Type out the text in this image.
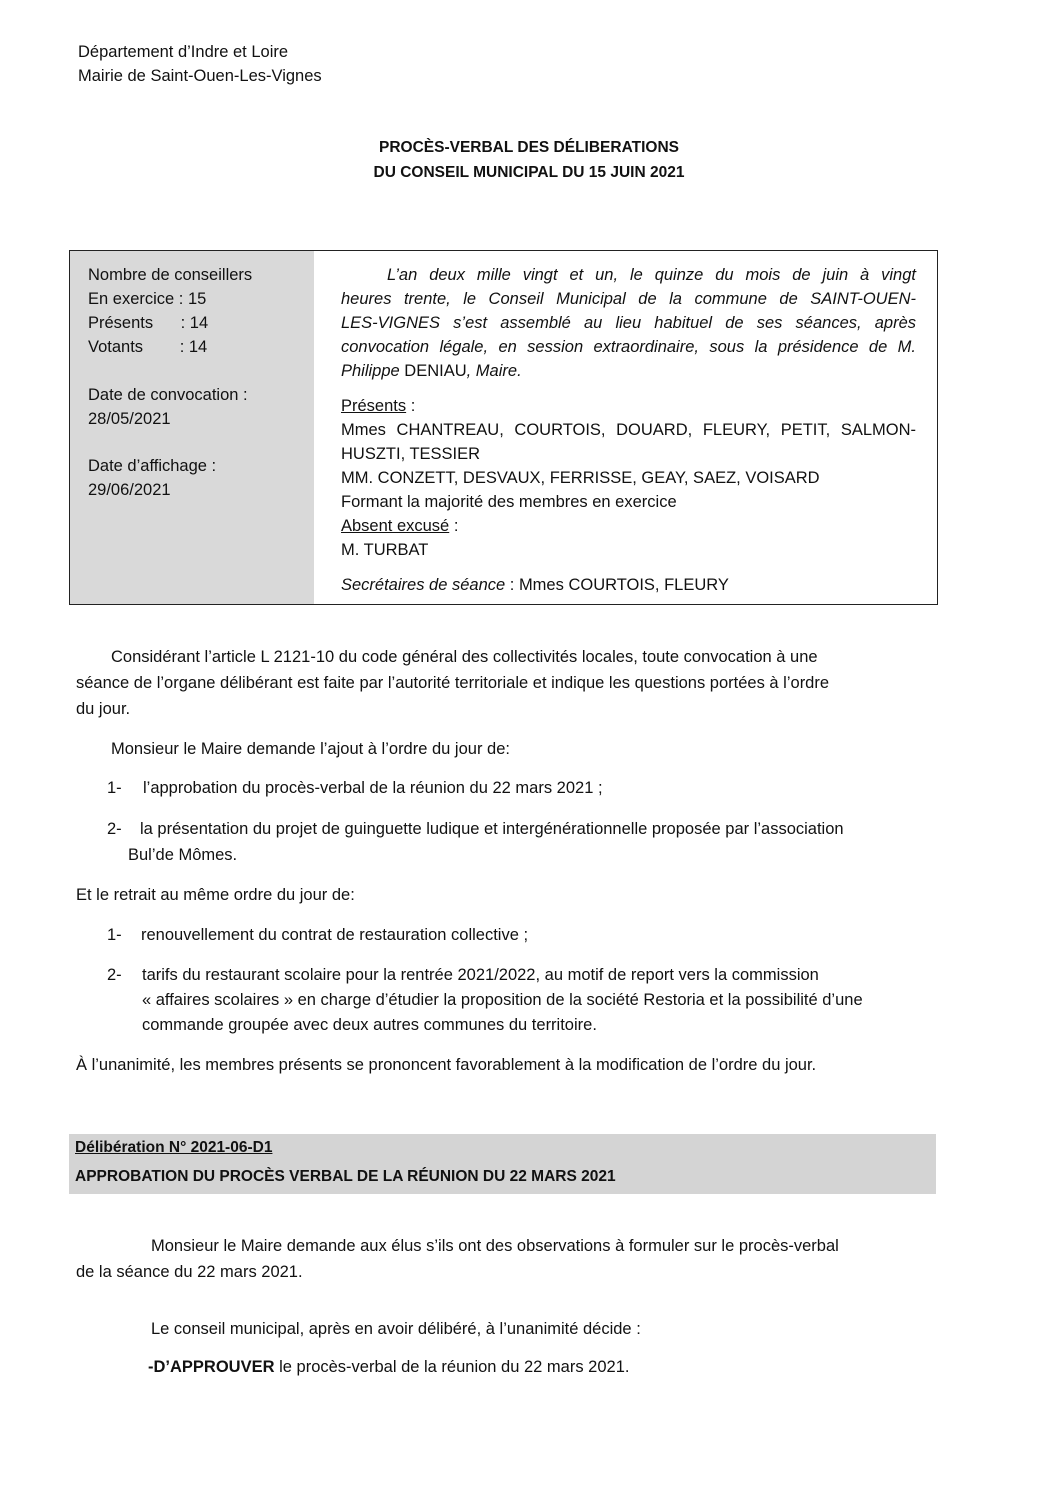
Département d’Indre et Loire
Mairie de Saint-Ouen-Les-Vignes
PROCÈS-VERBAL DES DÉLIBERATIONS
DU CONSEIL MUNICIPAL DU 15 JUIN 2021
Nombre de conseillers
En exercice : 15
Présents      : 14
Votants        : 14
Date de convocation :
28/05/2021
Date d’affichage :
29/06/2021
L’an deux mille vingt et un, le quinze du mois de juin à vingt
heures trente, le Conseil Municipal de la commune de SAINT-OUEN-
LES-VIGNES s’est assemblé au lieu habituel de ses séances, après
convocation légale, en session extraordinaire, sous la présidence de M.
Philippe DENIAU, Maire.
Présents :
Mmes CHANTREAU, COURTOIS, DOUARD, FLEURY, PETIT, SALMON-
HUSZTI, TESSIER
MM. CONZETT, DESVAUX, FERRISSE, GEAY, SAEZ, VOISARD
Formant la majorité des membres en exercice
Absent excusé :
M. TURBAT
Secrétaires de séance : Mmes COURTOIS, FLEURY
Considérant l’article L 2121-10 du code général des collectivités locales, toute convocation à une
séance de l’organe délibérant est faite par l’autorité territoriale et indique les questions portées à l’ordre
du jour.
Monsieur le Maire demande l’ajout à l’ordre du jour de:
1- l’approbation du procès-verbal de la réunion du 22 mars 2021 ;
2- la présentation du projet de guinguette ludique et intergénérationnelle proposée par l’association
Bul’de Mômes.
Et le retrait au même ordre du jour de:
1- renouvellement du contrat de restauration collective ;
2- tarifs du restaurant scolaire pour la rentrée 2021/2022, au motif de report vers la commission
« affaires scolaires » en charge d’étudier la proposition de la société Restoria et la possibilité d’une
commande groupée avec deux autres communes du territoire.
À l’unanimité, les membres présents se prononcent favorablement à la modification de l’ordre du jour.
Délibération N° 2021-06-D1
APPROBATION DU PROCÈS VERBAL DE LA RÉUNION DU 22 MARS 2021
Monsieur le Maire demande aux élus s’ils ont des observations à formuler sur le procès-verbal
de la séance du 22 mars 2021.
Le conseil municipal, après en avoir délibéré, à l’unanimité décide :
-D’APPROUVER le procès-verbal de la réunion du 22 mars 2021.
